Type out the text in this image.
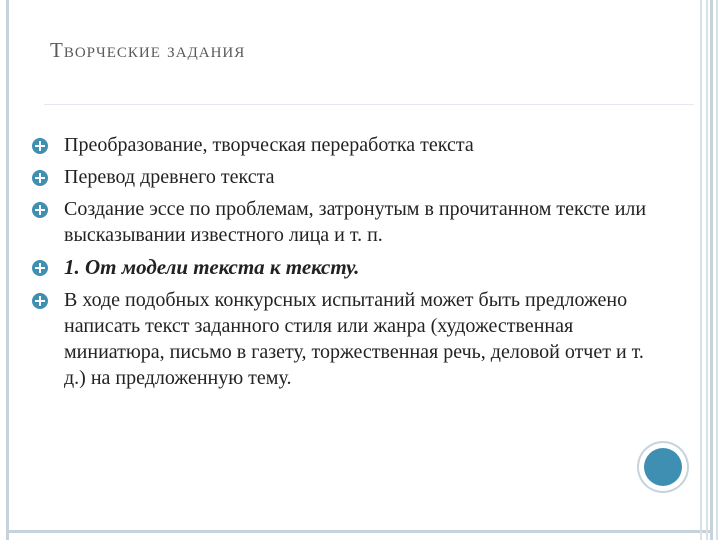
Творческие задания
Преобразование, творческая переработка текста
Перевод древнего текста
Создание эссе по проблемам, затронутым в прочитанном тексте или высказывании известного лица и т. п.
1. От модели текста к тексту.
В ходе подобных конкурсных испытаний может быть предложено написать текст заданного стиля или жанра (художественная миниатюра, письмо в газету, торжественная речь, деловой отчет и т. д.) на предложенную тему.
